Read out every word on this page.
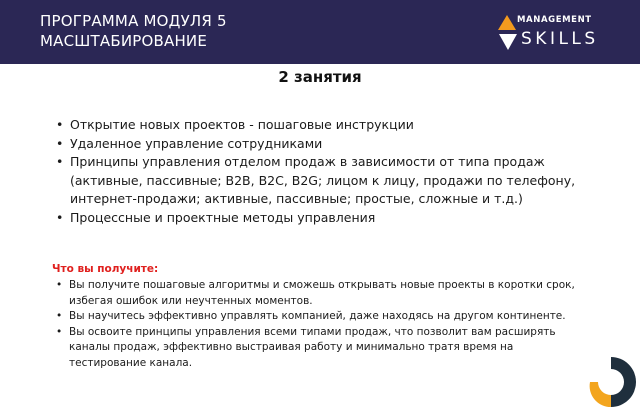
ПРОГРАММА МОДУЛЯ 5
МАСШТАБИРОВАНИЕ
MANAGEMENT
SKILLS
2 занятия
• Открытие новых проектов - пошаговые инструкции
• Удаленное управление сотрудниками
• Принципы управления отделом продаж в зависимости от типа продаж (активные, пассивные; B2B, B2C, B2G; лицом к лицу, продажи по телефону, интернет-продажи; активные, пассивные; простые, сложные и т.д.)
• Процессные и проектные методы управления
Что вы получите:
• Вы получите пошаговые алгоритмы и сможешь открывать новые проекты в коротки срок, избегая ошибок или неучтенных моментов.
• Вы научитесь эффективно управлять компанией, даже находясь на другом континенте.
• Вы освоите принципы управления всеми типами продаж, что позволит вам расширять каналы продаж, эффективно выстраивая работу и минимально тратя время на тестирование канала.
